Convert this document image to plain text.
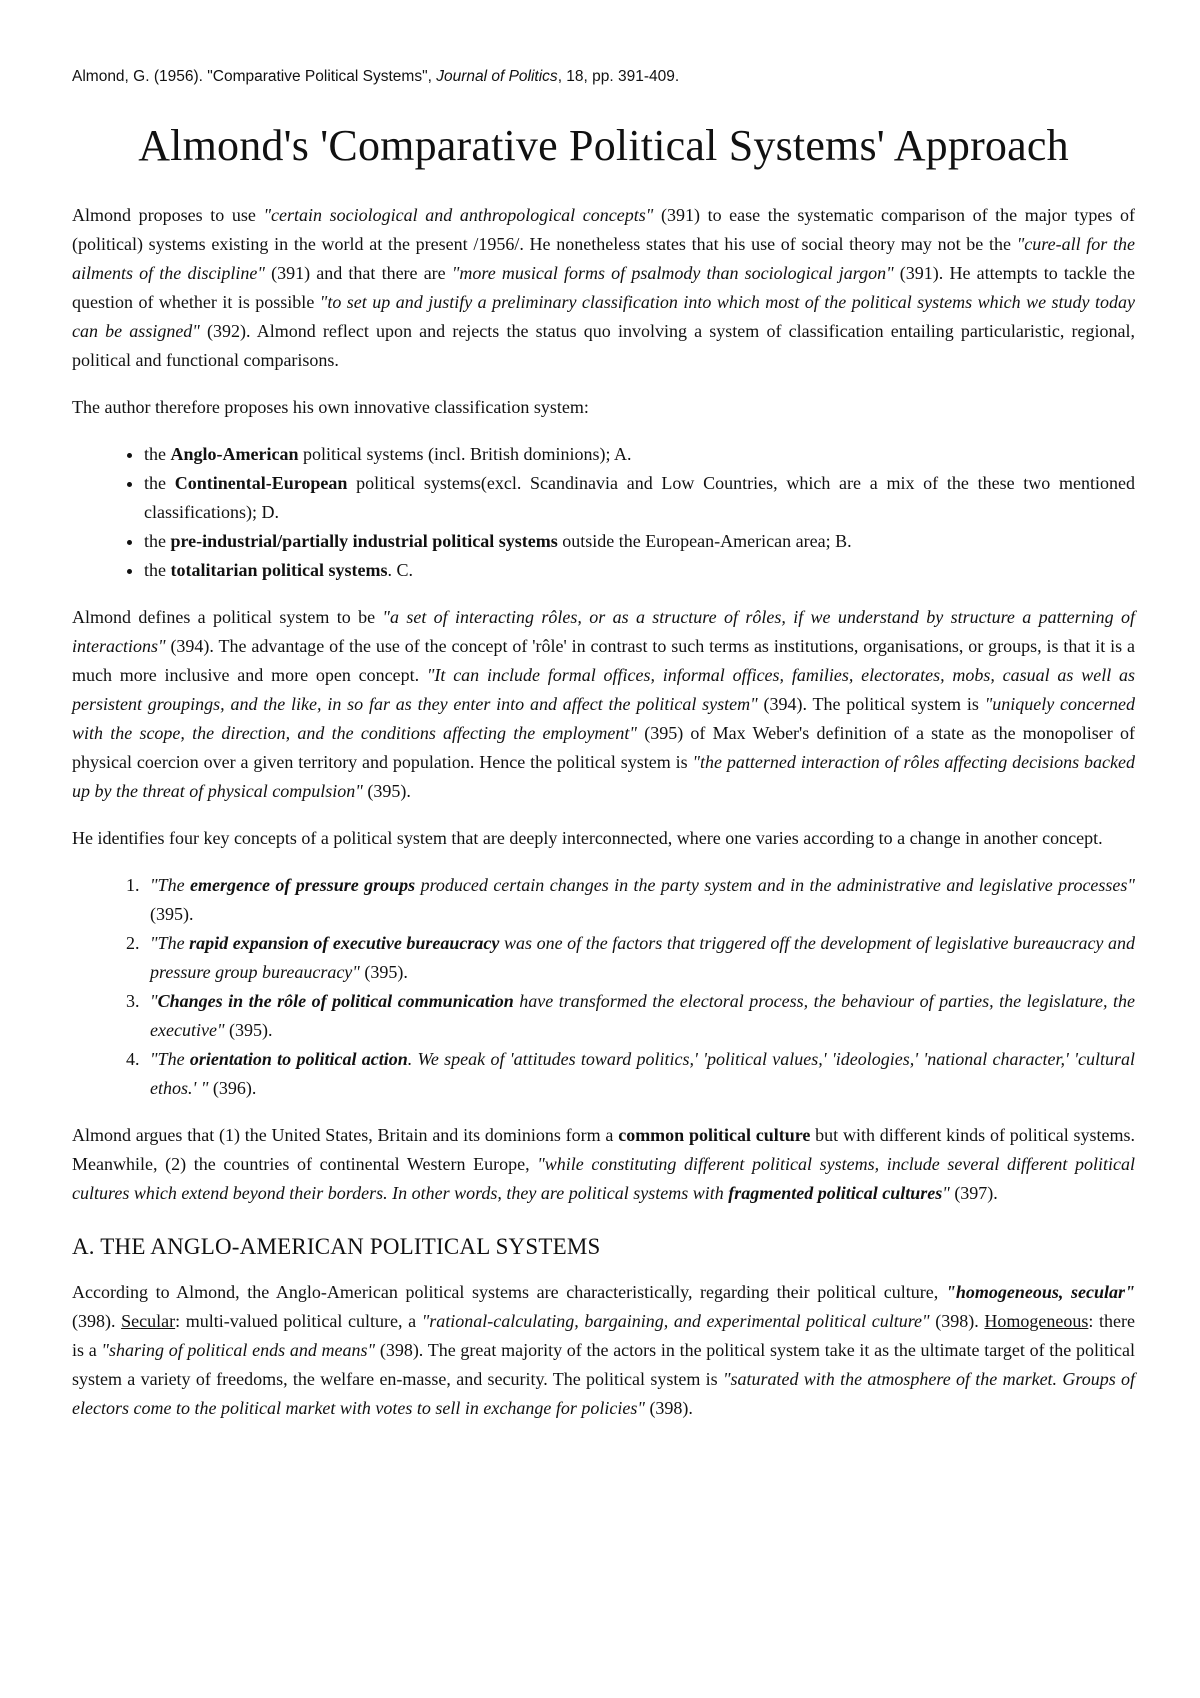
Almond, G. (1956). "Comparative Political Systems", Journal of Politics, 18, pp. 391-409.
Almond's 'Comparative Political Systems' Approach

Almond proposes to use "certain sociological and anthropological concepts" (391) to ease the systematic comparison of the major types of (political) systems existing in the world at the present /1956/. He nonetheless states that his use of social theory may not be the "cure-all for the ailments of the discipline" (391) and that there are "more musical forms of psalmody than sociological jargon" (391). He attempts to tackle the question of whether it is possible "to set up and justify a preliminary classification into which most of the political systems which we study today can be assigned" (392). Almond reflect upon and rejects the status quo involving a system of classification entailing particularistic, regional, political and functional comparisons.

The author therefore proposes his own innovative classification system:

• the Anglo-American political systems (incl. British dominions); A.
• the Continental-European political systems(excl. Scandinavia and Low Countries, which are a mix of the these two mentioned classifications); D.
• the pre-industrial/partially industrial political systems outside the European-American area; B.
• the totalitarian political systems. C.

Almond defines a political system to be "a set of interacting rôles, or as a structure of rôles, if we understand by structure a patterning of interactions" (394). The advantage of the use of the concept of 'rôle' in contrast to such terms as institutions, organisations, or groups, is that it is a much more inclusive and more open concept. "It can include formal offices, informal offices, families, electorates, mobs, casual as well as persistent groupings, and the like, in so far as they enter into and affect the political system" (394). The political system is "uniquely concerned with the scope, the direction, and the conditions affecting the employment" (395) of Max Weber's definition of a state as the monopoliser of physical coercion over a given territory and population. Hence the political system is "the patterned interaction of rôles affecting decisions backed up by the threat of physical compulsion" (395).

He identifies four key concepts of a political system that are deeply interconnected, where one varies according to a change in another concept.

1. "The emergence of pressure groups produced certain changes in the party system and in the administrative and legislative processes" (395).
2. "The rapid expansion of executive bureaucracy was one of the factors that triggered off the development of legislative bureaucracy and pressure group bureaucracy" (395).
3. "Changes in the rôle of political communication have transformed the electoral process, the behaviour of parties, the legislature, the executive" (395).
4. "The orientation to political action. We speak of 'attitudes toward politics,' 'political values,' 'ideologies,' 'national character,' 'cultural ethos.' " (396).

Almond argues that (1) the United States, Britain and its dominions form a common political culture but with different kinds of political systems. Meanwhile, (2) the countries of continental Western Europe, "while constituting different political systems, include several different political cultures which extend beyond their borders. In other words, they are political systems with fragmented political cultures" (397).

A. THE ANGLO-AMERICAN POLITICAL SYSTEMS

According to Almond, the Anglo-American political systems are characteristically, regarding their political culture, "homogeneous, secular" (398). Secular: multi-valued political culture, a "rational-calculating, bargaining, and experimental political culture" (398). Homogeneous: there is a "sharing of political ends and means" (398). The great majority of the actors in the political system take it as the ultimate target of the political system a variety of freedoms, the welfare en-masse, and security. The political system is "saturated with the atmosphere of the market. Groups of electors come to the political market with votes to sell in exchange for policies" (398).
